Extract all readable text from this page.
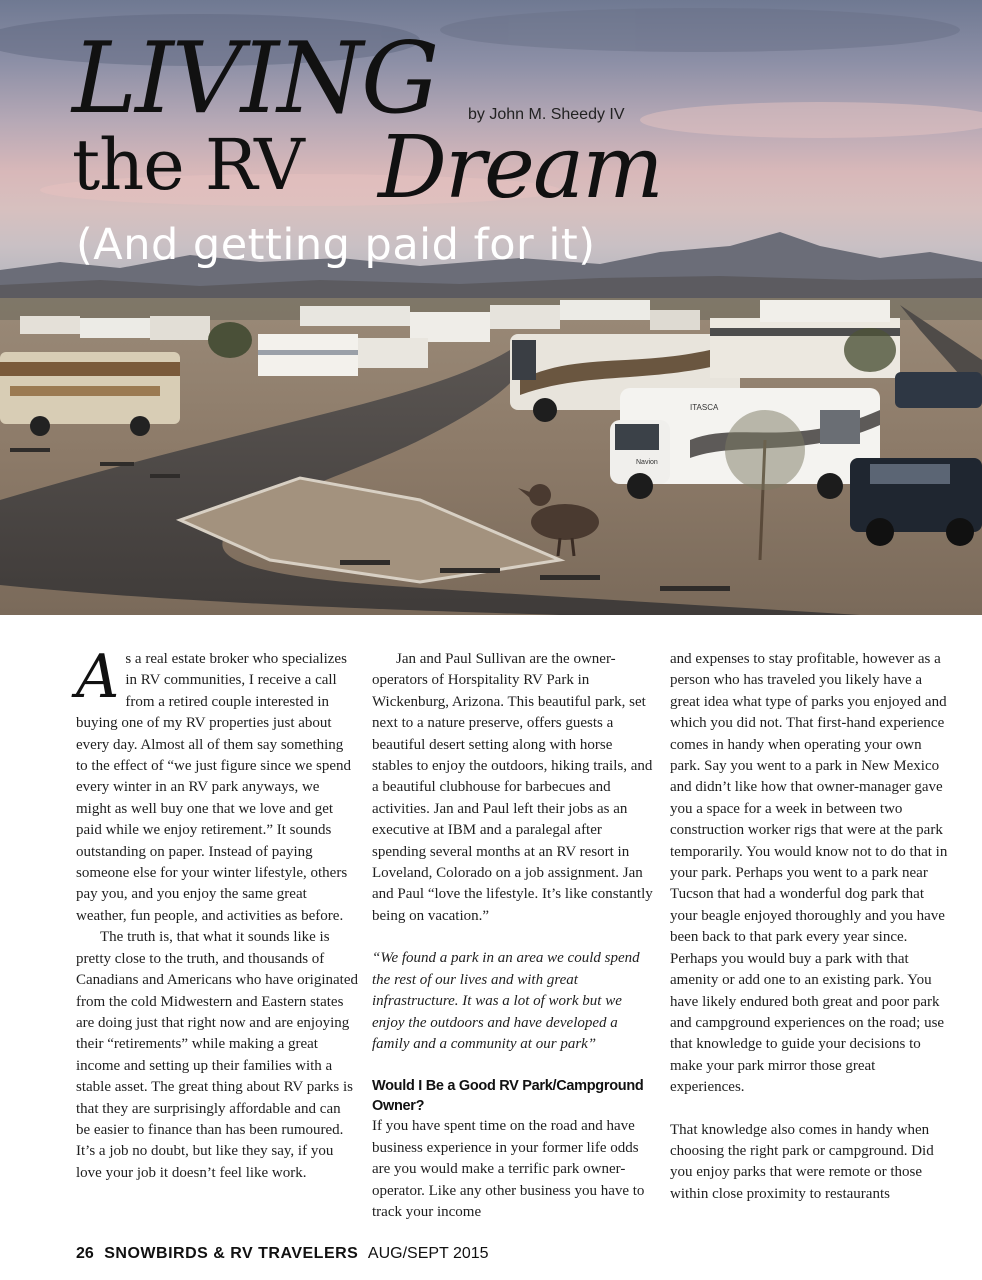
ITASCA
Navion
LIVING by John M. Sheedy IV
the RV Dream
(And getting paid for it)

As a real estate broker who specializes in RV communities, I receive a call from a retired couple interested in buying one of my RV properties just about every day. Almost all of them say something to the effect of “we just figure since we spend every winter in an RV park anyways, we might as well buy one that we love and get paid while we enjoy retirement.” It sounds outstanding on paper. Instead of paying someone else for your winter lifestyle, others pay you, and you enjoy the same great weather, fun people, and activities as before.

The truth is, that what it sounds like is pretty close to the truth, and thousands of Canadians and Americans who have originated from the cold Midwestern and Eastern states are doing just that right now and are enjoying their “retirements” while making a great income and setting up their families with a stable asset. The great thing about RV parks is that they are surprisingly affordable and can be easier to finance than has been rumoured. It’s a job no doubt, but like they say, if you love your job it doesn’t feel like work.

Jan and Paul Sullivan are the owner-operators of Horspitality RV Park in Wickenburg, Arizona. This beautiful park, set next to a nature preserve, offers guests a beautiful desert setting along with horse stables to enjoy the outdoors, hiking trails, and a beautiful clubhouse for barbecues and activities. Jan and Paul left their jobs as an executive at IBM and a paralegal after spending several months at an RV resort in Loveland, Colorado on a job assignment. Jan and Paul “love the lifestyle. It’s like constantly being on vacation.”

“We found a park in an area we could spend the rest of our lives and with great infrastructure. It was a lot of work but we enjoy the outdoors and have developed a family and a community at our park”

Would I Be a Good RV Park/Campground Owner?

If you have spent time on the road and have business experience in your former life odds are you would make a terrific park owner-operator. Like any other business you have to track your income

and expenses to stay profitable, however as a person who has traveled you likely have a great idea what type of parks you enjoyed and which you did not. That first-hand experience comes in handy when operating your own park. Say you went to a park in New Mexico and didn’t like how that owner-manager gave you a space for a week in between two construction worker rigs that were at the park temporarily. You would know not to do that in your park. Perhaps you went to a park near Tucson that had a wonderful dog park that your beagle enjoyed thoroughly and you have been back to that park every year since. Perhaps you would buy a park with that amenity or add one to an existing park. You have likely endured both great and poor park and campground experiences on the road; use that knowledge to guide your decisions to make your park mirror those great experiences.

That knowledge also comes in handy when choosing the right park or campground. Did you enjoy parks that were remote or those within close proximity to restaurants

26 SNOWBIRDS & RV TRAVELERS AUG/SEPT 2015
